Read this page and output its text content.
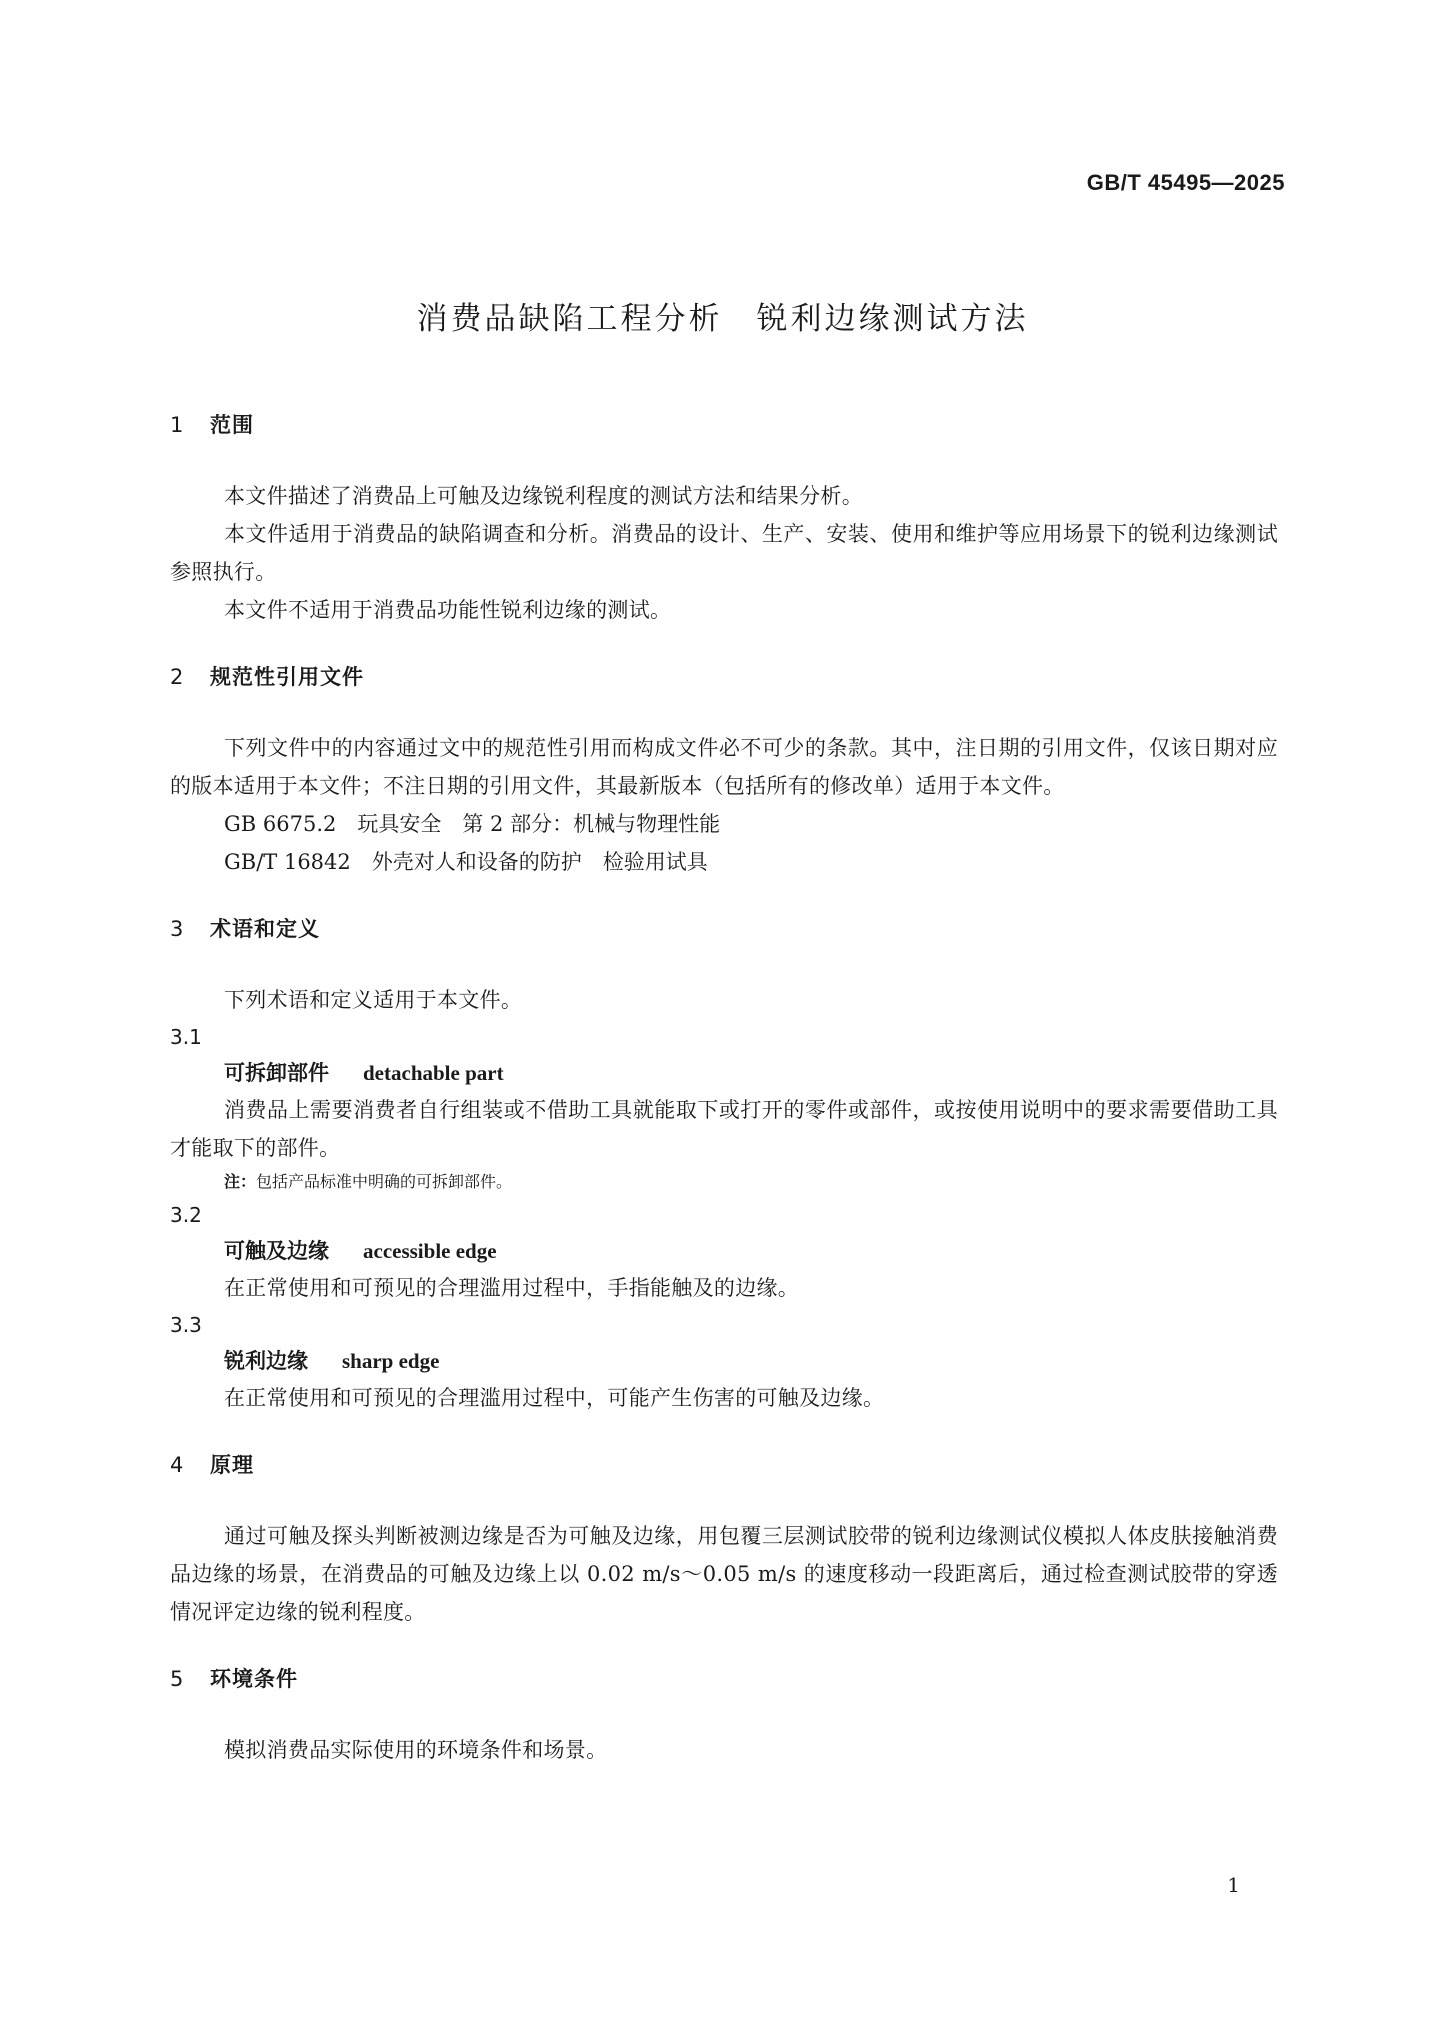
GB/T 45495—2025
消费品缺陷工程分析　锐利边缘测试方法
1 范围
本文件描述了消费品上可触及边缘锐利程度的测试方法和结果分析。
本文件适用于消费品的缺陷调查和分析。消费品的设计、生产、安装、使用和维护等应用场景下的锐利边缘测试参照执行。
本文件不适用于消费品功能性锐利边缘的测试。
2 规范性引用文件
下列文件中的内容通过文中的规范性引用而构成文件必不可少的条款。其中，注日期的引用文件，仅该日期对应的版本适用于本文件；不注日期的引用文件，其最新版本（包括所有的修改单）适用于本文件。
GB 6675.2　玩具安全　第 2 部分：机械与物理性能
GB/T 16842　外壳对人和设备的防护　检验用试具
3 术语和定义
下列术语和定义适用于本文件。
3.1
可拆卸部件 detachable part
消费品上需要消费者自行组装或不借助工具就能取下或打开的零件或部件，或按使用说明中的要求需要借助工具才能取下的部件。
注：包括产品标准中明确的可拆卸部件。
3.2
可触及边缘 accessible edge
在正常使用和可预见的合理滥用过程中，手指能触及的边缘。
3.3
锐利边缘 sharp edge
在正常使用和可预见的合理滥用过程中，可能产生伤害的可触及边缘。
4 原理
通过可触及探头判断被测边缘是否为可触及边缘，用包覆三层测试胶带的锐利边缘测试仪模拟人体皮肤接触消费品边缘的场景，在消费品的可触及边缘上以 0.02 m/s～0.05 m/s 的速度移动一段距离后，通过检查测试胶带的穿透情况评定边缘的锐利程度。
5 环境条件
模拟消费品实际使用的环境条件和场景。
1
